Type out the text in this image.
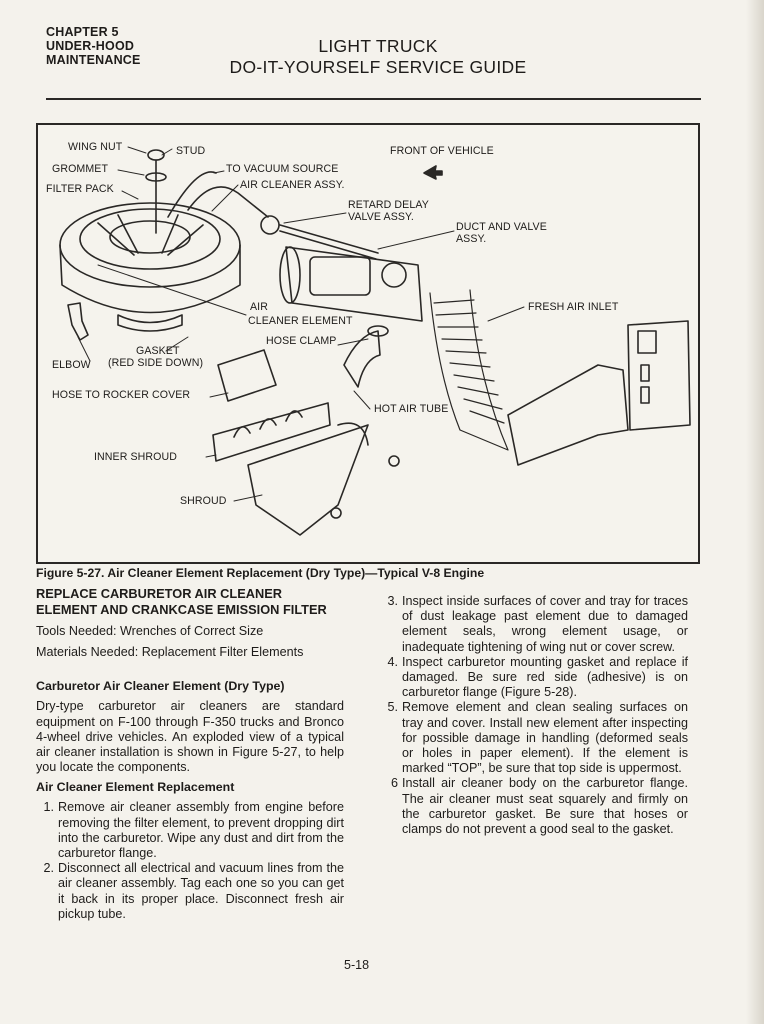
CHAPTER 5
UNDER-HOOD
MAINTENANCE
LIGHT TRUCK
DO-IT-YOURSELF SERVICE GUIDE
WING NUT	STUD
GROMMET	TO VACUUM SOURCE
FILTER PACK	AIR CLEANER ASSY.
RETARD DELAY
VALVE ASSY.
FRONT OF VEHICLE
DUCT AND VALVE
ASSY.
FRESH AIR INLET
AIR
CLEANER ELEMENT
HOSE CLAMP
GASKET
ELBOW (RED SIDE DOWN)
HOSE TO ROCKER COVER
HOT AIR TUBE
INNER SHROUD
SHROUD
Figure 5-27. Air Cleaner Element Replacement (Dry Type)—Typical V-8 Engine
REPLACE CARBURETOR AIR CLEANER
ELEMENT AND CRANKCASE EMISSION FILTER
Tools Needed: Wrenches of Correct Size
Materials Needed: Replacement Filter Elements
Carburetor Air Cleaner Element (Dry Type)
Dry-type carburetor air cleaners are standard equipment on F-100 through F-350 trucks and Bronco 4-wheel drive vehicles. An exploded view of a typical air cleaner installation is shown in Figure 5-27, to help you locate the components.
Air Cleaner Element Replacement
1. Remove air cleaner assembly from engine before removing the filter element, to prevent dropping dirt into the carburetor. Wipe any dust and dirt from the carburetor flange.
2. Disconnect all electrical and vacuum lines from the air cleaner assembly. Tag each one so you can get it back in its proper place. Disconnect fresh air pickup tube.
3. Inspect inside surfaces of cover and tray for traces of dust leakage past element due to damaged element seals, wrong element usage, or inadequate tightening of wing nut or cover screw.
4. Inspect carburetor mounting gasket and replace if damaged. Be sure red side (adhesive) is on carburetor flange (Figure 5-28).
5. Remove element and clean sealing surfaces on tray and cover. Install new element after inspecting for possible damage in handling (deformed seals or holes in paper element). If the element is marked “TOP”, be sure that top side is uppermost.
6 Install air cleaner body on the carburetor flange. The air cleaner must seat squarely and firmly on the carburetor gasket. Be sure that hoses or clamps do not prevent a good seal to the gasket.
5-18
